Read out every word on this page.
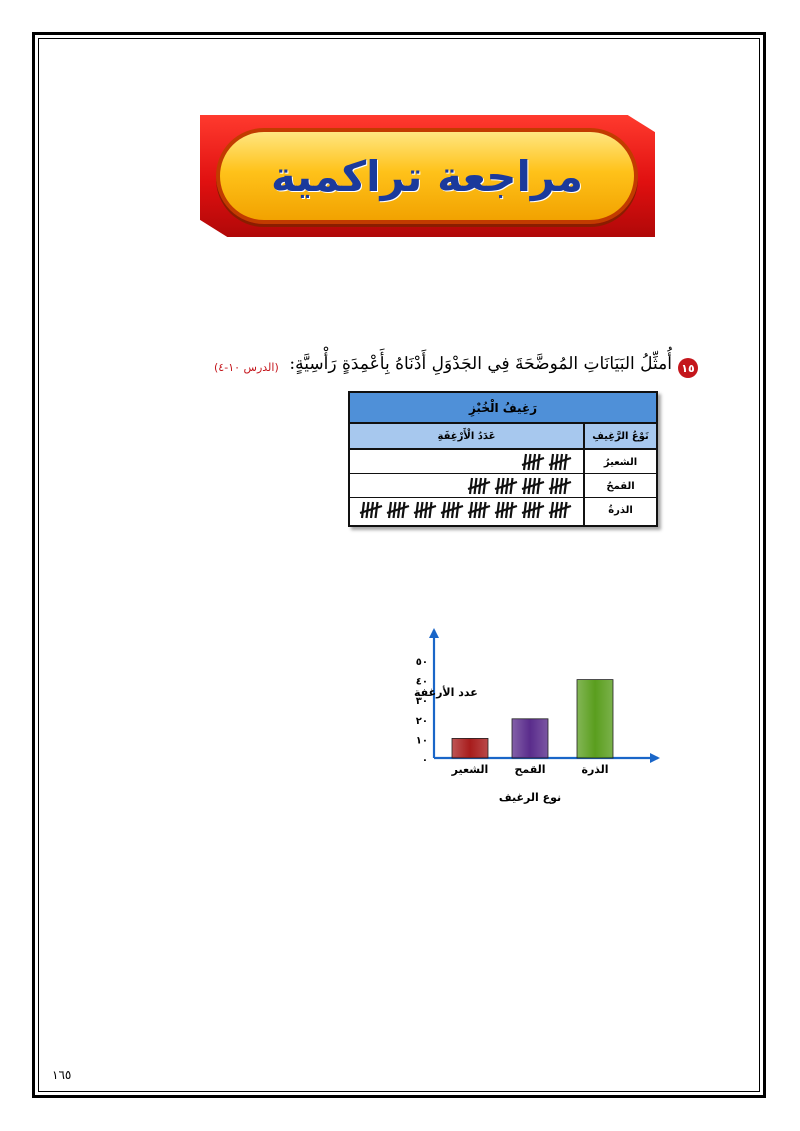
مراجعة تراكمية
١٥
أُمثِّلُ البَيَانَاتِ المُوضَّحَةَ فِي الجَدْوَلِ أَدْنَاهُ بِأَعْمِدَةٍ رَأْسِيَّةٍ:
(الدرس ١٠-٤)
رَغِيفُ الْخُبْزِ
نَوْعُ الرَّغِيفِ
عَدَدُ الْأَرْغِفَةِ
الشعيرُ
القمحُ
الذرةُ
٠
١٠
٢٠
٣٠
٤٠
٥٠
عدد الأرغفة
الشعير القمح	الذرة
نوع الرغيف
١٦٥
